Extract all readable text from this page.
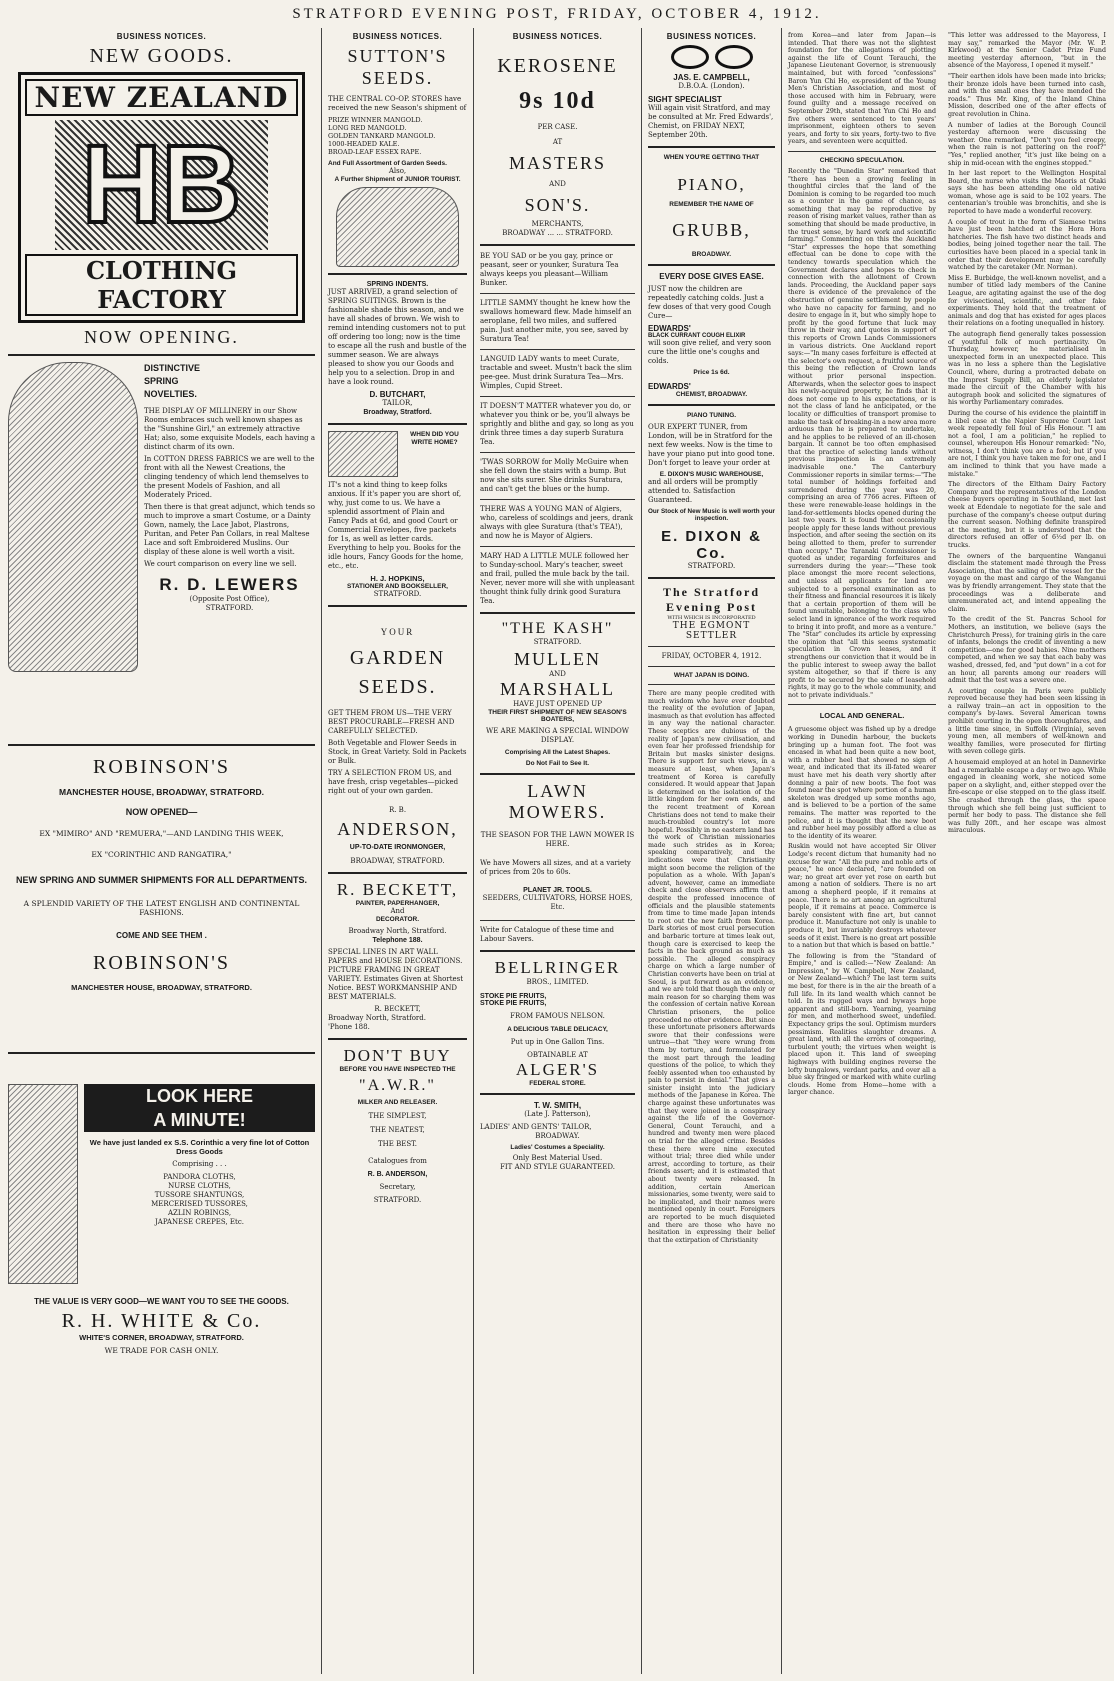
STRATFORD EVENING POST, FRIDAY, OCTOBER 4, 1912.
BUSINESS NOTICES.
NEW GOODS.
NEW ZEALAND
HB
CLOTHING FACTORY
NOW OPENING.
DISTINCTIVE
SPRING
NOVELTIES.
THE DISPLAY OF MILLINERY in our Show Rooms embraces such well known shapes as the "Sunshine Girl," an extremely attractive Hat; also, some exquisite Models, each having a distinct charm of its own.
In COTTON DRESS FABRICS we are well to the front with all the Newest Creations, the clinging tendency of which lend themselves to the present Models of Fashion, and all Moderately Priced.
Then there is that great adjunct, which tends so much to improve a smart Costume, or a Dainty Gown, namely, the Lace Jabot, Plastrons, Puritan, and Peter Pan Collars, in real Maltese Lace and soft Embroidered Muslins. Our display of these alone is well worth a visit.
We court comparison on every line we sell.
R. D. LEWERS
(Opposite Post Office),
STRATFORD.
ROBINSON'S
MANCHESTER HOUSE, BROADWAY, STRATFORD.
NOW OPENED—
EX "MIMIRO" AND "REMUERA,"—AND LANDING THIS WEEK,
EX "CORINTHIC AND RANGATIRA,"
NEW SPRING AND SUMMER SHIPMENTS FOR ALL DEPARTMENTS.
A SPLENDID VARIETY OF THE LATEST ENGLISH AND CONTINENTAL FASHIONS.
COME AND SEE THEM .
ROBINSON'S
MANCHESTER HOUSE, BROADWAY, STRATFORD.
LOOK HERE
A MINUTE!
We have just landed ex S.S. Corinthic a very fine lot of Cotton Dress Goods
Comprising . . .
PANDORA CLOTHS,
NURSE CLOTHS,
TUSSORE SHANTUNGS,
MERCERISED TUSSORES,
AZLIN ROBINGS,
JAPANESE CREPES, Etc.
THE VALUE IS VERY GOOD—WE WANT YOU TO SEE THE GOODS.
R. H. WHITE & Co.
WHITE'S CORNER, BROADWAY, STRATFORD.
WE TRADE FOR CASH ONLY.
BUSINESS NOTICES.
SUTTON'S SEEDS.
THE CENTRAL CO-OP. STORES have received the new Season's shipment of
PRIZE WINNER MANGOLD.
LONG RED MANGOLD.
GOLDEN TANKARD MANGOLD.
1000-HEADED KALE.
BROAD-LEAF ESSEX RAPE.
And Full Assortment of Garden Seeds.
Also,
A Further Shipment of JUNIOR TOURIST.
SPRING INDENTS.
JUST ARRIVED, a grand selection of SPRING SUITINGS. Brown is the fashionable shade this season, and we have all shades of brown. We wish to remind intending customers not to put off ordering too long; now is the time to escape all the rush and bustle of the summer season. We are always pleased to show you our Goods and help you to a selection. Drop in and have a look round.
D. BUTCHART,
TAILOR,
Broadway, Stratford.
WHEN DID YOU WRITE HOME?
IT's not a kind thing to keep folks anxious. If it's paper you are short of, why, just come to us. We have a splendid assortment of Plain and Fancy Pads at 6d, and good Court or Commercial Envelopes, five packets for 1s, as well as letter cards. Everything to help you. Books for the idle hours, Fancy Goods for the home, etc., etc.
H. J. HOPKINS,
STATIONER AND BOOKSELLER,
STRATFORD.
YOUR
GARDEN
SEEDS.
GET THEM FROM US—THE VERY BEST PROCURABLE—FRESH AND CAREFULLY SELECTED.
Both Vegetable and Flower Seeds in Stock, in Great Variety. Sold in Packets or Bulk.
TRY A SELECTION FROM US, and have fresh, crisp vegetables—picked right out of your own garden.
R. B.
ANDERSON,
UP-TO-DATE IRONMONGER,
BROADWAY, STRATFORD.
R. BECKETT,
PAINTER, PAPERHANGER,
And
DECORATOR.
Broadway North, Stratford.
Telephone 188.
SPECIAL LINES IN ART WALL PAPERS and HOUSE DECORATIONS. PICTURE FRAMING IN GREAT VARIETY. Estimates Given at Shortest Notice. BEST WORKMANSHIP AND BEST MATERIALS.
R. BECKETT,
Broadway North, Stratford.
'Phone 188.
DON'T BUY
BEFORE YOU HAVE INSPECTED THE
"A.W.R."
MILKER AND RELEASER.
THE SIMPLEST,
THE NEATEST,
THE BEST.
Catalogues from
R. B. ANDERSON,
Secretary,
STRATFORD.
BUSINESS NOTICES.
KEROSENE
9s 10d
PER CASE.
AT
MASTERS
AND
SON'S.
MERCHANTS,
BROADWAY ... ... STRATFORD.
BE YOU SAD or be you gay, prince or peasant, seer or younker, Suratura Tea always keeps you pleasant—William Bunker.
LITTLE SAMMY thought he knew how the swallows homeward flew. Made himself an aeroplane, fell two miles, and suffered pain. Just another mite, you see, saved by Suratura Tea!
LANGUID LADY wants to meet Curate, tractable and sweet. Mustn't back the slim pee-gee. Must drink Suratura Tea—Mrs. Wimples, Cupid Street.
IT DOESN'T MATTER whatever you do, or whatever you think or be, you'll always be sprightly and blithe and gay, so long as you drink three times a day superb Suratura Tea.
'TWAS SORROW for Molly McGuire when she fell down the stairs with a bump. But now she sits surer. She drinks Suratura, and can't get the blues or the hump.
THERE WAS A YOUNG MAN of Algiers, who, careless of scoldings and jeers, drank always with glee Suratura (that's TEA!), and now he is Mayor of Algiers.
MARY HAD A LITTLE MULE followed her to Sunday-school. Mary's teacher, sweet and frail, pulled the mule back by the tail. Never, never more will she with unpleasant thought think fully drink good Suratura Tea.
"THE KASH"
STRATFORD.
MULLEN
AND
MARSHALL
HAVE JUST OPENED UP
THEIR FIRST SHIPMENT OF NEW SEASON'S BOATERS,
WE ARE MAKING A SPECIAL WINDOW DISPLAY.
Comprising All the Latest Shapes.
Do Not Fail to See It.
LAWN
MOWERS.
THE SEASON FOR THE LAWN MOWER IS HERE.
We have Mowers all sizes, and at a variety of prices from 20s to 60s.
PLANET JR. TOOLS.
SEEDERS, CULTIVATORS, HORSE HOES, Etc.
Write for Catalogue of these time and Labour Savers.
BELLRINGER
BROS., LIMITED.
STOKE PIE FRUITS,
STOKE PIE FRUITS,
FROM FAMOUS NELSON.
A DELICIOUS TABLE DELICACY,
Put up in One Gallon Tins.
OBTAINABLE AT
ALGER'S
FEDERAL STORE.
T. W. SMITH,
(Late J. Patterson),
LADIES' AND GENTS' TAILOR,
BROADWAY.
Ladies' Costumes a Speciality.
Only Best Material Used.
FIT AND STYLE GUARANTEED.
BUSINESS NOTICES.
JAS. E. CAMPBELL,
D.B.O.A. (London).
SIGHT SPECIALIST
Will again visit Stratford, and may be consulted at Mr. Fred Edwards', Chemist, on FRIDAY NEXT, September 20th.
WHEN YOU'RE GETTING THAT
PIANO,
REMEMBER THE NAME OF
GRUBB,
BROADWAY.
EVERY DOSE GIVES EASE.
JUST now the children are repeatedly catching colds. Just a few doses of that very good Cough Cure—
EDWARDS'
BLACK CURRANT COUGH ELIXIR
will soon give relief, and very soon cure the little one's coughs and colds.
Price 1s 6d.
EDWARDS'
CHEMIST, BROADWAY.
PIANO TUNING.
OUR EXPERT TUNER, from London, will be in Stratford for the next few weeks. Now is the time to have your piano put into good tone. Don't forget to leave your order at
E. DIXON'S MUSIC WAREHOUSE,
and all orders will be promptly attended to. Satisfaction Guaranteed.
Our Stock of New Music is well worth your inspection.
E. DIXON & Co.
STRATFORD.
The Stratford Evening Post
WITH WHICH IS INCORPORATED
THE EGMONT SETTLER
FRIDAY, OCTOBER 4, 1912.
WHAT JAPAN IS DOING.
There are many people credited with much wisdom who have ever doubted the reality of the evolution of Japan, inasmuch as that evolution has affected in any way the national character. These sceptics are dubious of the reality of Japan's new civilisation, and even fear her professed friendship for Britain but masks sinister designs. There is support for such views, in a measure at least, when Japan's treatment of Korea is carefully considered. It would appear that Japan is determined on the isolation of the little kingdom for her own ends, and the recent treatment of Korean Christians does not tend to make their much-troubled country's lot more hopeful. Possibly in no eastern land has the work of Christian missionaries made such strides as in Korea; speaking comparatively, and the indications were that Christianity might soon become the religion of the population as a whole. With Japan's advent, however, came an immediate check and close observers affirm that despite the professed innocence of officials and the plausible statements from time to time made Japan intends to root out the new faith from Korea. Dark stories of most cruel persecution and barbaric torture at times leak out, though care is exercised to keep the facts in the back ground as much as possible. The alleged conspiracy charge on which a large number of Christian converts have been on trial at Seoul, is put forward as an evidence, and we are told that though the only or main reason for so charging them was the confession of certain native Korean Christian prisoners, the police proceeded no other evidence. But since these unfortunate prisoners afterwards swore that their confessions were untrue—that "they were wrung from them by torture, and formulated for the most part through the leading questions of the police, to which they feebly assented when too exhausted by pain to persist in denial." That gives a sinister insight into the judiciary methods of the Japanese in Korea. The charge against these unfortunates was that they were joined in a conspiracy against the life of the Governor-General, Count Terauchi, and a hundred and twenty men were placed on trial for the alleged crime. Besides these there were nine executed without trial; three died while under arrest, according to torture, as their friends assert; and it is estimated that about twenty were released. In addition, certain American missionaries, some twenty, were said to be implicated, and their names were mentioned openly in court. Foreigners are reported to be much disquieted and there are those who have no hesitation in expressing their belief that the extirpation of Christianity
from Korea—and later from Japan—is intended. That there was not the slightest foundation for the allegations of plotting against the life of Count Terauchi, the Japanese Lieutenant Governor, is strenuously maintained, but with forced "confessions" Baron Yun Chi Ho, ex-president of the Young Men's Christian Association, and most of those accused with him in February, were found guilty and a message received on September 29th, stated that Yun Chi Ho and five others were sentenced to ten years' imprisonment, eighteen others to seven years, and forty to six years, forty-two to five years, and seventeen were acquitted.
CHECKING SPECULATION.
Recently the "Dunedin Star" remarked that "there has been a growing feeling in thoughtful circles that the land of the Dominion is coming to be regarded too much as a counter in the game of chance, as something that may be reproductive by reason of rising market values, rather than as something that should be made productive, in the truest sense, by hard work and scientific farming." Commenting on this the Auckland "Star" expresses the hope that something effectual can be done to cope with the tendency towards speculation which the Government declares and hopes to check in connection with the allotment of Crown lands. Proceeding, the Auckland paper says there is evidence of the prevalence of the obstruction of genuine settlement by people who have no capacity for farming, and no desire to engage in it, but who simply hope to profit by the good fortune that luck may throw in their way, and quotes in support of this reports of Crown Lands Commissioners in various districts. One Auckland report says:—"In many cases forfeiture is effected at the selector's own request, a fruitful source of this being the reflection of Crown lands without prior personal inspection. Afterwards, when the selector goes to inspect his newly-acquired property, he finds that it does not come up to his expectations, or is not the class of land he anticipated, or the locality or difficulties of transport promise to make the task of breaking-in a new area more arduous than he is prepared to undertake, and he applies to be relieved of an ill-chosen bargain. It cannot be too often emphasised that the practice of selecting lands without previous inspection is an extremely inadvisable one." The Canterbury Commissioner reports in similar terms:—"The total number of holdings forfeited and surrendered during the year was 20, comprising an area of 7766 acres. Fifteen of these were renewable-lease holdings in the land-for-settlements blocks opened during the last two years. It is found that occasionally people apply for these lands without previous inspection, and after seeing the section on its being allotted to them, prefer to surrender than occupy." The Taranaki Commissioner is quoted as under, regarding forfeitures and surrenders during the year:—"These took place amongst the more recent selections, and unless all applicants for land are subjected to a personal examination as to their fitness and financial resources it is likely that a certain proportion of them will be found unsuitable, belonging to the class who select land in ignorance of the work required to bring it into profit, and more as a venture." The "Star" concludes its article by expressing the opinion that "all this seems systematic speculation in Crown leases, and it strengthens our conviction that it would be in the public interest to sweep away the ballot system altogether, so that if there is any profit to be secured by the sale of leasehold rights, it may go to the whole community, and not to private individuals."
LOCAL AND GENERAL.
A gruesome object was fished up by a dredge working in Dunedin harbour, the buckets bringing up a human foot. The foot was encased in what had been quite a new boot, with a rubber heel that showed no sign of wear, and indicated that its ill-fated wearer must have met his death very shortly after donning a pair of new boots. The foot was found near the spot where portion of a human skeleton was dredged up some months ago, and is believed to be a portion of the same remains. The matter was reported to the police, and it is thought that the new boot and rubber heel may possibly afford a clue as to the identity of its wearer.
Ruskin would not have accepted Sir Oliver Lodge's recent dictum that humanity had no excuse for war. "All the pure and noble arts of peace," he once declared, "are founded on war; no great art ever yet rose on earth but among a nation of soldiers. There is no art among a shepherd people, if it remains at peace. There is no art among an agricultural people, if it remains at peace. Commerce is barely consistent with fine art, but cannot produce it. Manufacture not only is unable to produce it, but invariably destroys whatever seeds of it exist. There is no great art possible to a nation but that which is based on battle."
The following is from the "Standard of Empire," and is called:—"New Zealand: An Impression," by W. Campbell, New Zealand, or New Zealand—which? The last term suits me best, for there is in the air the breath of a full life. In its land wealth which cannot be told. In its rugged ways and byways hope apparent and still-born. Yearning, yearning for men, and motherhood sweet, undefiled. Expectancy grips the soul. Optimism murders pessimism. Realities slaughter dreams. A great land, with all the errors of conquering, turbulent youth; the virtues when weight is placed upon it. This land of sweeping highways with building engines reverse the lofty bungalows, verdant parks, and over all a blue sky fringed or marked with white curling clouds. Home from Home—home with a larger chance.
"This letter was addressed to the Mayoress, I may say," remarked the Mayor (Mr. W. P. Kirkwood) at the Senior Cadet Prize Fund meeting yesterday afternoon, "but in the absence of the Mayoress, I opened it myself."
"Their earthen idols have been made into bricks; their bronze idols have been turned into cash, and with the small ones they have mended the roads." Thus Mr. King, of the Inland China Mission, described one of the after effects of great revolution in China.
A number of ladies at the Borough Council yesterday afternoon were discussing the weather. One remarked, "Don't you feel creepy, when the rain is not pattering on the roof?" "Yes," replied another, "it's just like being on a ship in mid-ocean with the engines stopped."
In her last report to the Wellington Hospital Board, the nurse who visits the Maoris at Otaki says she has been attending one old native woman, whose age is said to be 102 years. The centenarian's trouble was bronchitis, and she is reported to have made a wonderful recovery.
A couple of trout in the form of Siamese twins have just been hatched at the Hora Hora hatcheries. The fish have two distinct heads and bodies, being joined together near the tail. The curiosities have been placed in a special tank in order that their development may be carefully watched by the caretaker (Mr. Norman).
Miss E. Burbidge, the well-known novelist, and a number of titled lady members of the Canine League, are agitating against the use of the dog for vivisectional, scientific, and other fake experiments. They hold that the treatment of animals and dog that has existed for ages places their relations on a footing unequalled in history.
The autograph fiend generally takes possession of youthful folk of much pertinacity. On Thursday, however, he materialised in unexpected form in an unexpected place. This was in no less a sphere than the Legislative Council, where, during a protracted debate on the Imprest Supply Bill, an elderly legislator made the circuit of the Chamber with his autograph book and solicited the signatures of his worthy Parliamentary comrades.
During the course of his evidence the plaintiff in a libel case at the Napier Supreme Court last week repeatedly fell foul of His Honour. "I am not a fool, I am a politician," he replied to counsel, whereupon His Honour remarked: "No, witness, I don't think you are a fool; but if you are not, I think you have taken me for one, and I am inclined to think that you have made a mistake."
The directors of the Eltham Dairy Factory Company and the representatives of the London cheese buyers operating in Southland, met last week at Edendale to negotiate for the sale and purchase of the company's cheese output during the current season. Nothing definite transpired at the meeting, but it is understood that the directors refused an offer of 6½d per lb. on trucks.
The owners of the barquentine Wanganui disclaim the statement made through the Press Association, that the sailing of the vessel for the voyage on the mast and cargo of the Wanganui was by friendly arrangement. They state that the proceedings was a deliberate and unremunerated act, and intend appealing the claim.
To the credit of the St. Pancras School for Mothers, an institution, we believe (says the Christchurch Press), for training girls in the care of infants, belongs the credit of inventing a new competition—one for good babies. Nine mothers competed, and when we say that each baby was washed, dressed, fed, and "put down" in a cot for an hour, all parents among our readers will admit that the test was a severe one.
A courting couple in Paris were publicly reproved because they had been seen kissing in a railway train—an act in opposition to the company's by-laws. Several American towns prohibit courting in the open thoroughfares, and a little time since, in Suffolk (Virginia), seven young men, all members of well-known and wealthy families, were prosecuted for flirting with seven college girls.
A housemaid employed at an hotel in Dannevirke had a remarkable escape a day or two ago. While engaged in cleaning work, she noticed some paper on a skylight, and, either stepped over the fire-escape or else stepped on to the glass itself. She crashed through the glass, the space through which she fell being just sufficient to permit her body to pass. The distance she fell was fully 20ft., and her escape was almost miraculous.
